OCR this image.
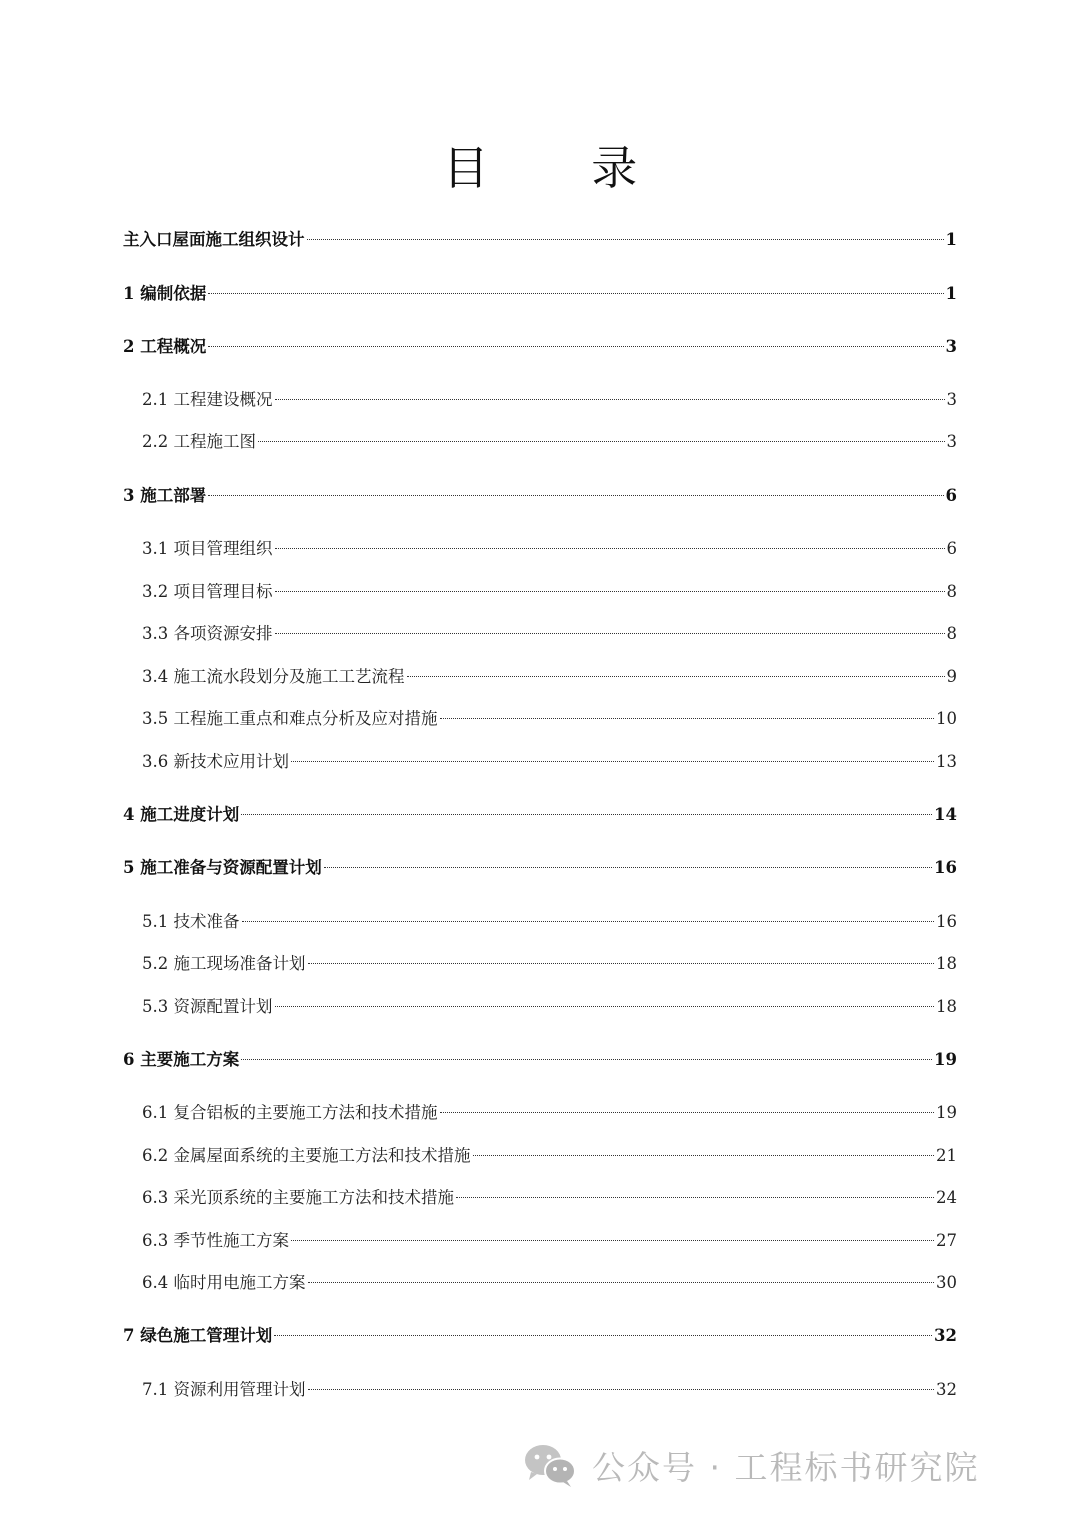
目 录
主入口屋面施工组织设计	1
1 编制依据	1
2 工程概况	3
2.1 工程建设概况	3
2.2 工程施工图	3
3 施工部署	6
3.1 项目管理组织	6
3.2 项目管理目标	8
3.3 各项资源安排	8
3.4 施工流水段划分及施工工艺流程	9
3.5 工程施工重点和难点分析及应对措施	10
3.6 新技术应用计划	13
4 施工进度计划	14
5 施工准备与资源配置计划	16
5.1 技术准备	16
5.2 施工现场准备计划	18
5.3 资源配置计划	18
6 主要施工方案	19
6.1 复合铝板的主要施工方法和技术措施	19
6.2 金属屋面系统的主要施工方法和技术措施	21
6.3 采光顶系统的主要施工方法和技术措施	24
6.3 季节性施工方案	27
6.4 临时用电施工方案	30
7 绿色施工管理计划	32
7.1 资源利用管理计划	32
公众号 · 工程标书研究院
